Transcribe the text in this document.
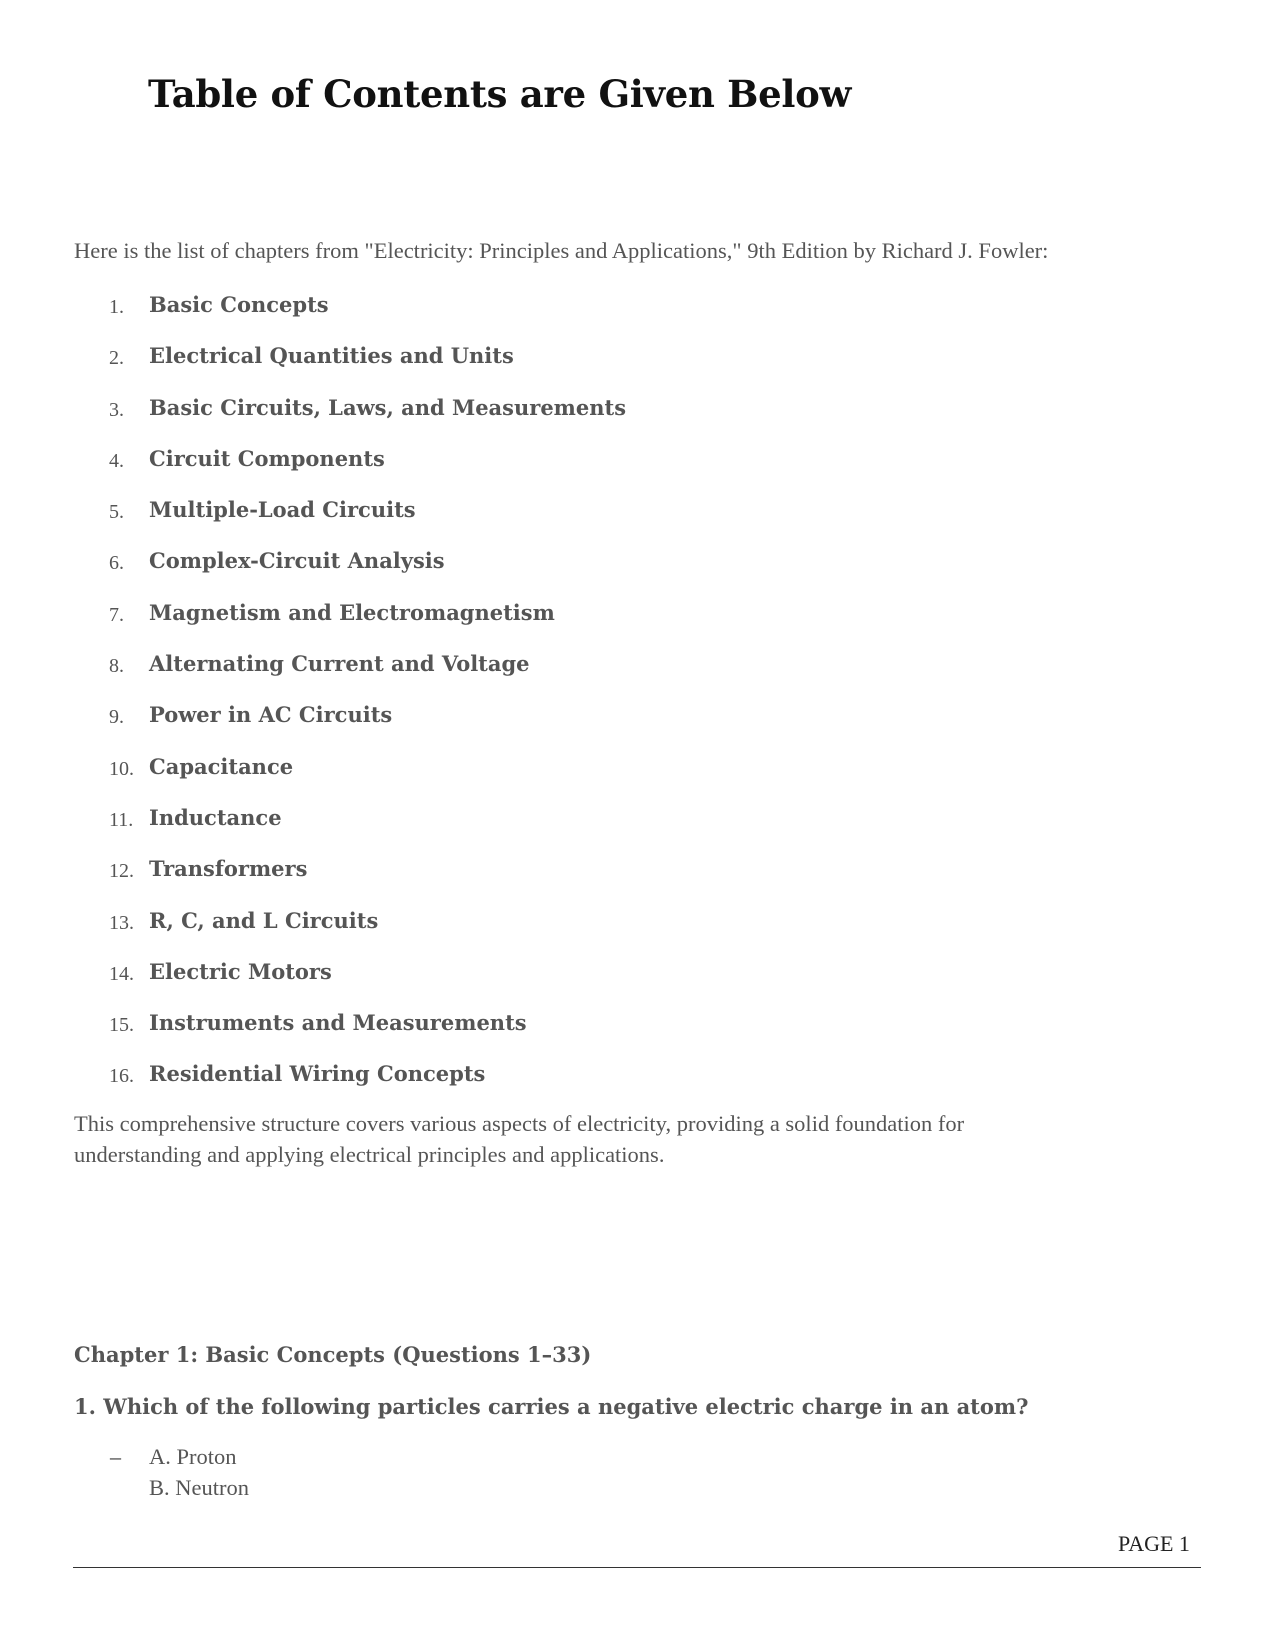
Table of Contents are Given Below

Here is the list of chapters from "Electricity: Principles and Applications," 9th Edition by Richard J. Fowler:

1. Basic Concepts
2. Electrical Quantities and Units
3. Basic Circuits, Laws, and Measurements
4. Circuit Components
5. Multiple-Load Circuits
6. Complex-Circuit Analysis
7. Magnetism and Electromagnetism
8. Alternating Current and Voltage
9. Power in AC Circuits
10. Capacitance
11. Inductance
12. Transformers
13. R, C, and L Circuits
14. Electric Motors
15. Instruments and Measurements
16. Residential Wiring Concepts

This comprehensive structure covers various aspects of electricity, providing a solid foundation for understanding and applying electrical principles and applications.

Chapter 1: Basic Concepts (Questions 1–33)

1. Which of the following particles carries a negative electric charge in an atom?

– A. Proton
B. Neutron
PAGE 1
